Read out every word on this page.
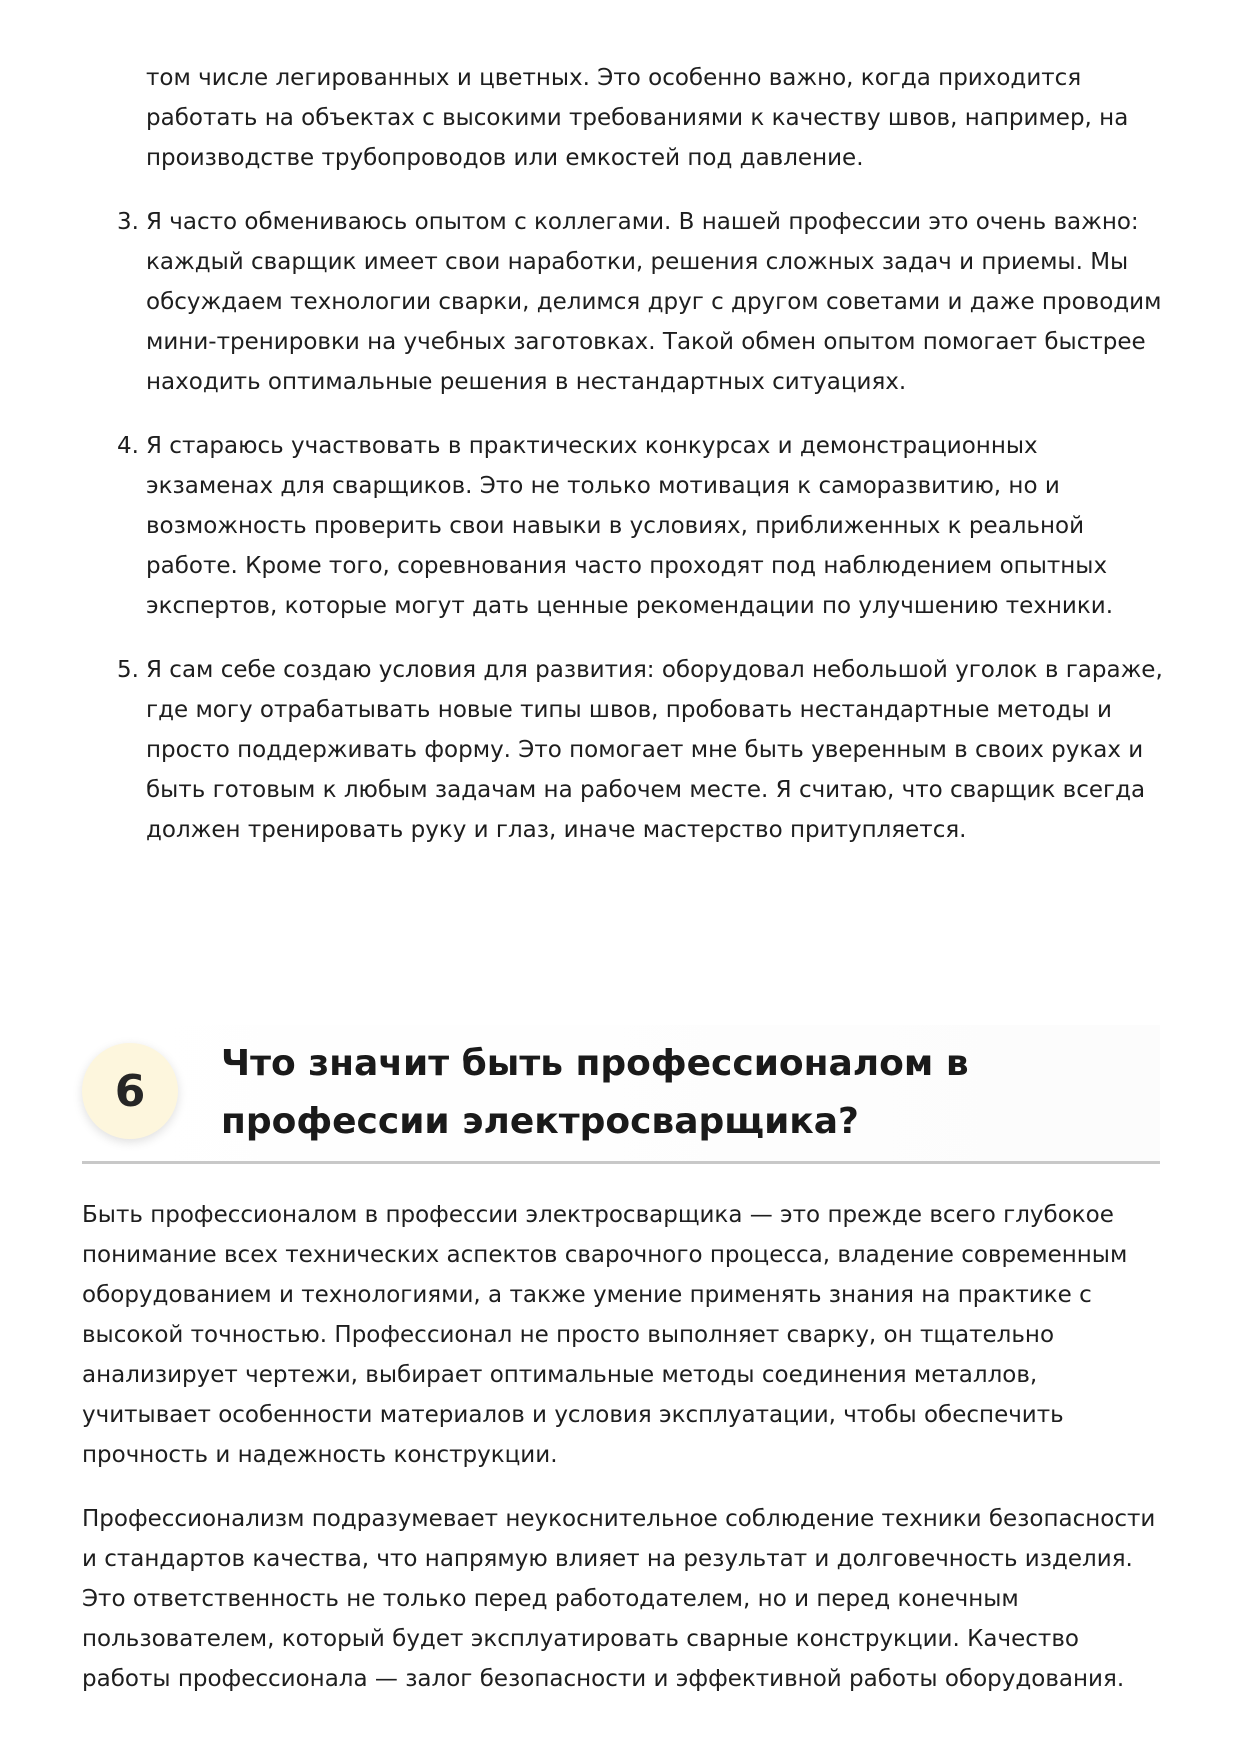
том числе легированных и цветных. Это особенно важно, когда приходится работать на объектах с высокими требованиями к качеству швов, например, на производстве трубопроводов или емкостей под давление.

3. Я часто обмениваюсь опытом с коллегами. В нашей профессии это очень важно: каждый сварщик имеет свои наработки, решения сложных задач и приемы. Мы обсуждаем технологии сварки, делимся друг с другом советами и даже проводим мини-тренировки на учебных заготовках. Такой обмен опытом помогает быстрее находить оптимальные решения в нестандартных ситуациях.
4. Я стараюсь участвовать в практических конкурсах и демонстрационных экзаменах для сварщиков. Это не только мотивация к саморазвитию, но и возможность проверить свои навыки в условиях, приближенных к реальной работе. Кроме того, соревнования часто проходят под наблюдением опытных экспертов, которые могут дать ценные рекомендации по улучшению техники.
5. Я сам себе создаю условия для развития: оборудовал небольшой уголок в гараже, где могу отрабатывать новые типы швов, пробовать нестандартные методы и просто поддерживать форму. Это помогает мне быть уверенным в своих руках и быть готовым к любым задачам на рабочем месте. Я считаю, что сварщик всегда должен тренировать руку и глаз, иначе мастерство притупляется.
6
Что значит быть профессионалом в профессии электросварщика?

Быть профессионалом в профессии электросварщика — это прежде всего глубокое понимание всех технических аспектов сварочного процесса, владение современным оборудованием и технологиями, а также умение применять знания на практике с высокой точностью. Профессионал не просто выполняет сварку, он тщательно анализирует чертежи, выбирает оптимальные методы соединения металлов, учитывает особенности материалов и условия эксплуатации, чтобы обеспечить прочность и надежность конструкции.

Профессионализм подразумевает неукоснительное соблюдение техники безопасности и стандартов качества, что напрямую влияет на результат и долговечность изделия. Это ответственность не только перед работодателем, но и перед конечным пользователем, который будет эксплуатировать сварные конструкции. Качество работы профессионала — залог безопасности и эффективной работы оборудования.
